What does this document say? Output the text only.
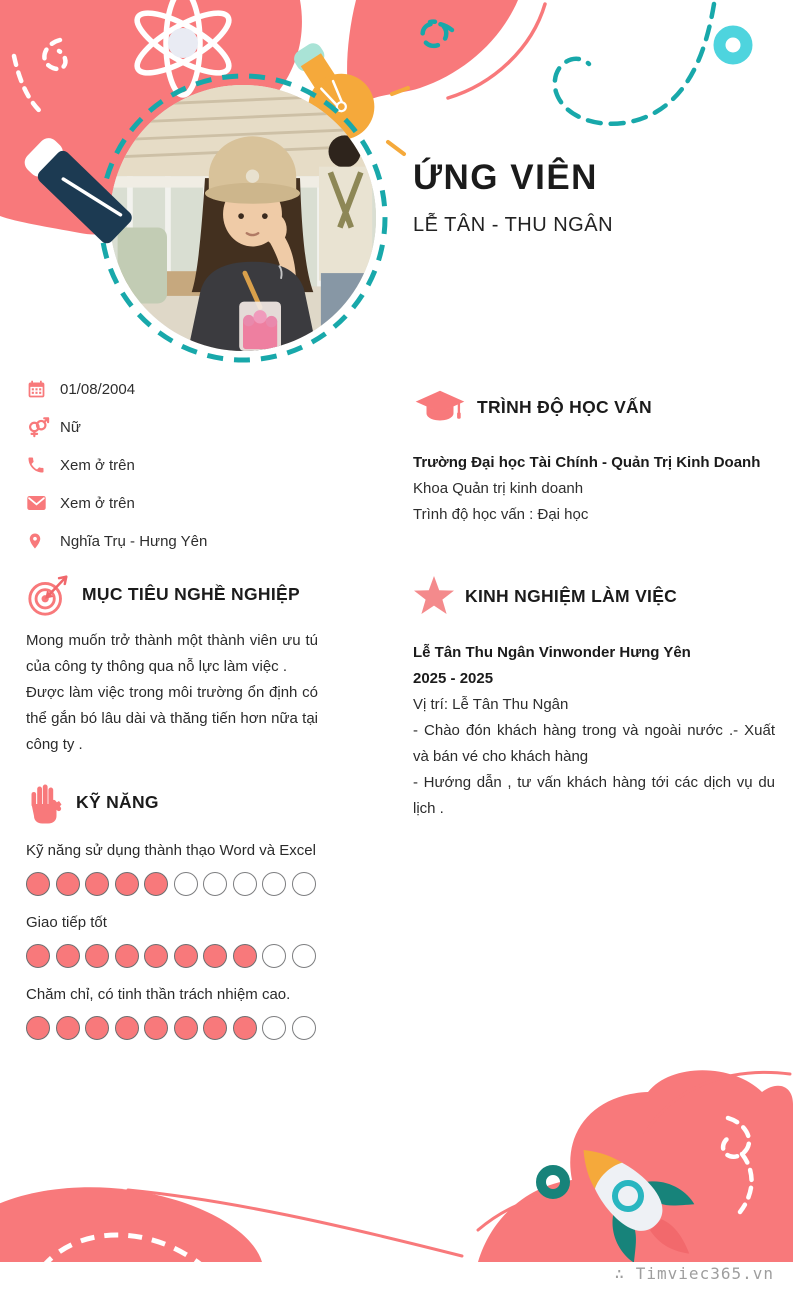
ỨNG VIÊN
LỄ TÂN - THU NGÂN
01/08/2004
Nữ
Xem ở trên
Xem ở trên
Nghĩa Trụ - Hưng Yên
MỤC TIÊU NGHỀ NGHIỆP

Mong muốn trở thành một thành viên ưu tú của công ty thông qua nỗ lực làm việc .

Được làm việc trong môi trường ổn định có thể gắn bó lâu dài và thăng tiến hơn nữa tại công ty .

KỸ NĂNG
Kỹ năng sử dụng thành thạo Word và Excel
Giao tiếp tốt
Chăm chỉ, có tinh thần trách nhiệm cao.
TRÌNH ĐỘ HỌC VẤN
Trường Đại học Tài Chính - Quản Trị Kinh Doanh
Khoa Quản trị kinh doanh
Trình độ học vấn : Đại học
KINH NGHIỆM LÀM VIỆC
Lễ Tân Thu Ngân Vinwonder Hưng Yên
2025 - 2025
Vị trí: Lễ Tân Thu Ngân

- Chào đón khách hàng trong và ngoài nước .- Xuất và bán vé cho khách hàng

- Hướng dẫn , tư vấn khách hàng tới các dịch vụ du lịch .

∴ Timviec365.vn
